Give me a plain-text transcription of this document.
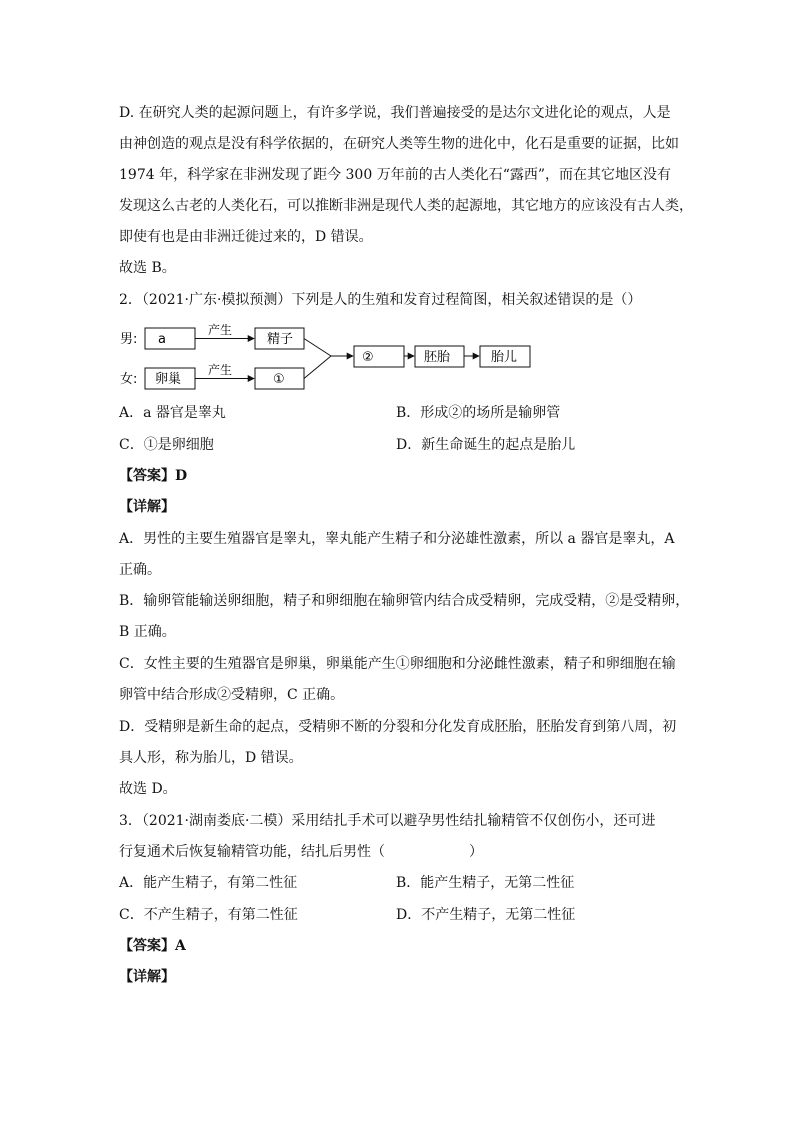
D. 在研究人类的起源问题上，有许多学说，我们普遍接受的是达尔文进化论的观点，人是
由神创造的观点是没有科学依据的，在研究人类等生物的进化中，化石是重要的证据，比如
1974 年，科学家在非洲发现了距今 300 万年前的古人类化石“露西”，而在其它地区没有
发现这么古老的人类化石，可以推断非洲是现代人类的起源地，其它地方的应该没有古人类，
即使有也是由非洲迁徙过来的，D 错误。
故选 B。
2．（2021·广东·模拟预测）下列是人的生殖和发育过程简图，相关叙述错误的是（）
男:
女:
a
产生
精子
卵巢
产生
①
②	胚胎	胎儿
A．a 器官是睾丸	B．形成②的场所是输卵管
C．①是卵细胞	D．新生命诞生的起点是胎儿
【答案】D
【详解】
A．男性的主要生殖器官是睾丸，睾丸能产生精子和分泌雄性激素，所以 a 器官是睾丸，A
正确。
B．输卵管能输送卵细胞，精子和卵细胞在输卵管内结合成受精卵，完成受精，②是受精卵，
B 正确。
C．女性主要的生殖器官是卵巢，卵巢能产生①卵细胞和分泌雌性激素，精子和卵细胞在输
卵管中结合形成②受精卵，C 正确。
D．受精卵是新生命的起点，受精卵不断的分裂和分化发育成胚胎，胚胎发育到第八周，初
具人形，称为胎儿，D 错误。
故选 D。
3．（2021·湖南娄底·二模）采用结扎手术可以避孕男性结扎输精管不仅创伤小，还可进
行复通术后恢复输精管功能，结扎后男性（　　　　　　）
A．能产生精子，有第二性征	B．能产生精子，无第二性征
C．不产生精子，有第二性征	D．不产生精子，无第二性征
【答案】A
【详解】
